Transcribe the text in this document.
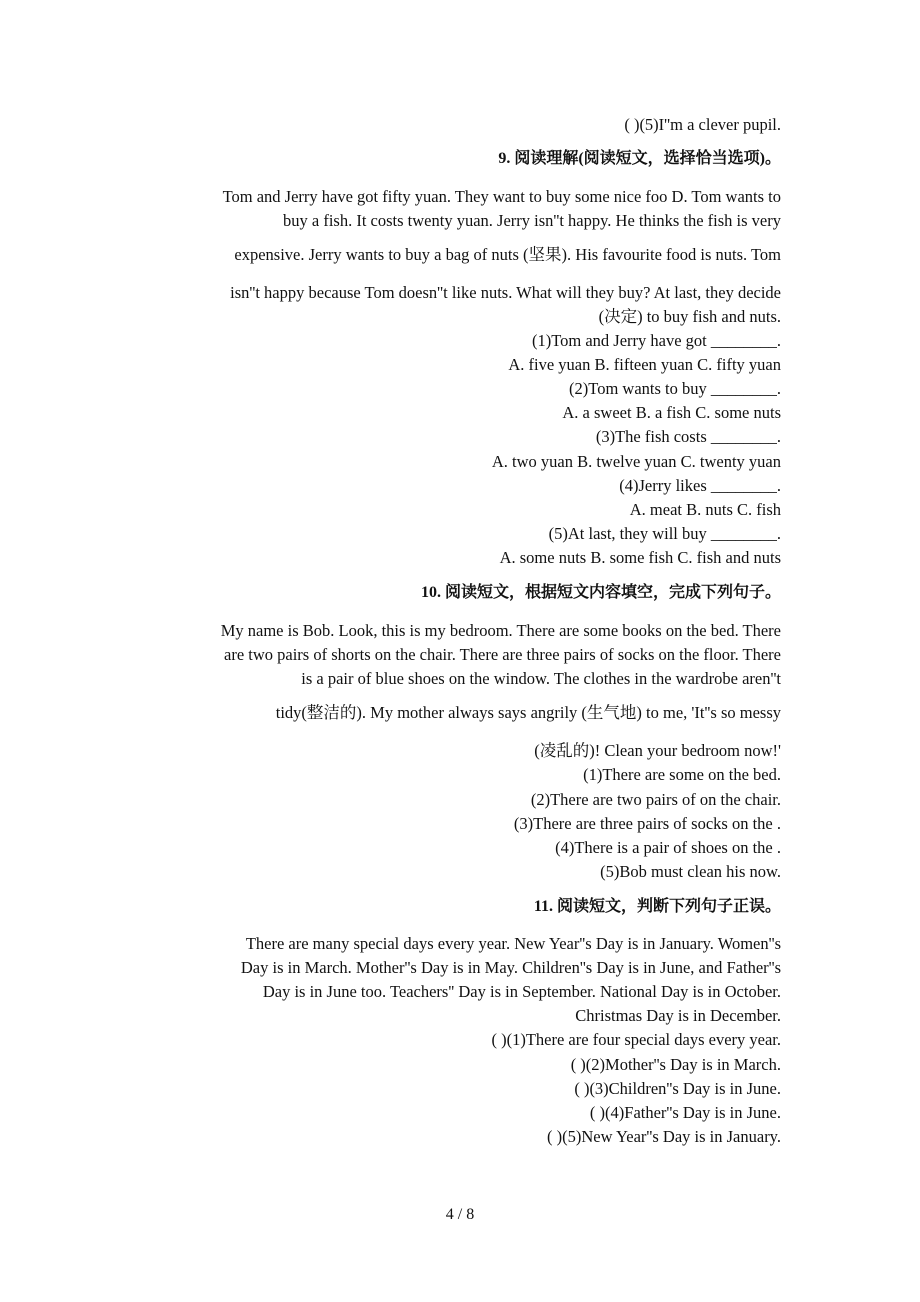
( )(5)I''m a clever pupil.
9. 阅读理解(阅读短文，选择恰当选项)。
Tom and Jerry have got fifty yuan. They want to buy some nice foo D. Tom wants to
buy a fish. It costs twenty yuan. Jerry isn''t happy. He thinks the fish is very
expensive. Jerry wants to buy a bag of nuts (坚果). His favourite food is nuts. Tom
isn''t happy because Tom doesn''t like nuts. What will they buy? At last, they decide
(决定) to buy fish and nuts.
(1)Tom and Jerry have got ________.
A. five yuan B. fifteen yuan C. fifty yuan
(2)Tom wants to buy ________.
A. a sweet B. a fish C. some nuts
(3)The fish costs ________.
A. two yuan B. twelve yuan C. twenty yuan
(4)Jerry likes ________.
A. meat B. nuts C. fish
(5)At last, they will buy ________.
A. some nuts B. some fish C. fish and nuts
10. 阅读短文，根据短文内容填空，完成下列句子。
My name is Bob. Look, this is my bedroom. There are some books on the bed. There
are two pairs of shorts on the chair. There are three pairs of socks on the floor. There
is a pair of blue shoes on the window. The clothes in the wardrobe aren''t
tidy(整洁的). My mother always says angrily (生气地) to me, 'It''s so messy
(凌乱的)! Clean your bedroom now!'
(1)There are some on the bed.
(2)There are two pairs of on the chair.
(3)There are three pairs of socks on the .
(4)There is a pair of shoes on the .
(5)Bob must clean his now.
11. 阅读短文，判断下列句子正误。
There are many special days every year. New Year''s Day is in January. Women''s
Day is in March. Mother''s Day is in May. Children''s Day is in June, and Father''s
Day is in June too. Teachers'' Day is in September. National Day is in October.
Christmas Day is in December.
( )(1)There are four special days every year.
( )(2)Mother''s Day is in March.
( )(3)Children''s Day is in June.
( )(4)Father''s Day is in June.
( )(5)New Year''s Day is in January.
4 / 8
